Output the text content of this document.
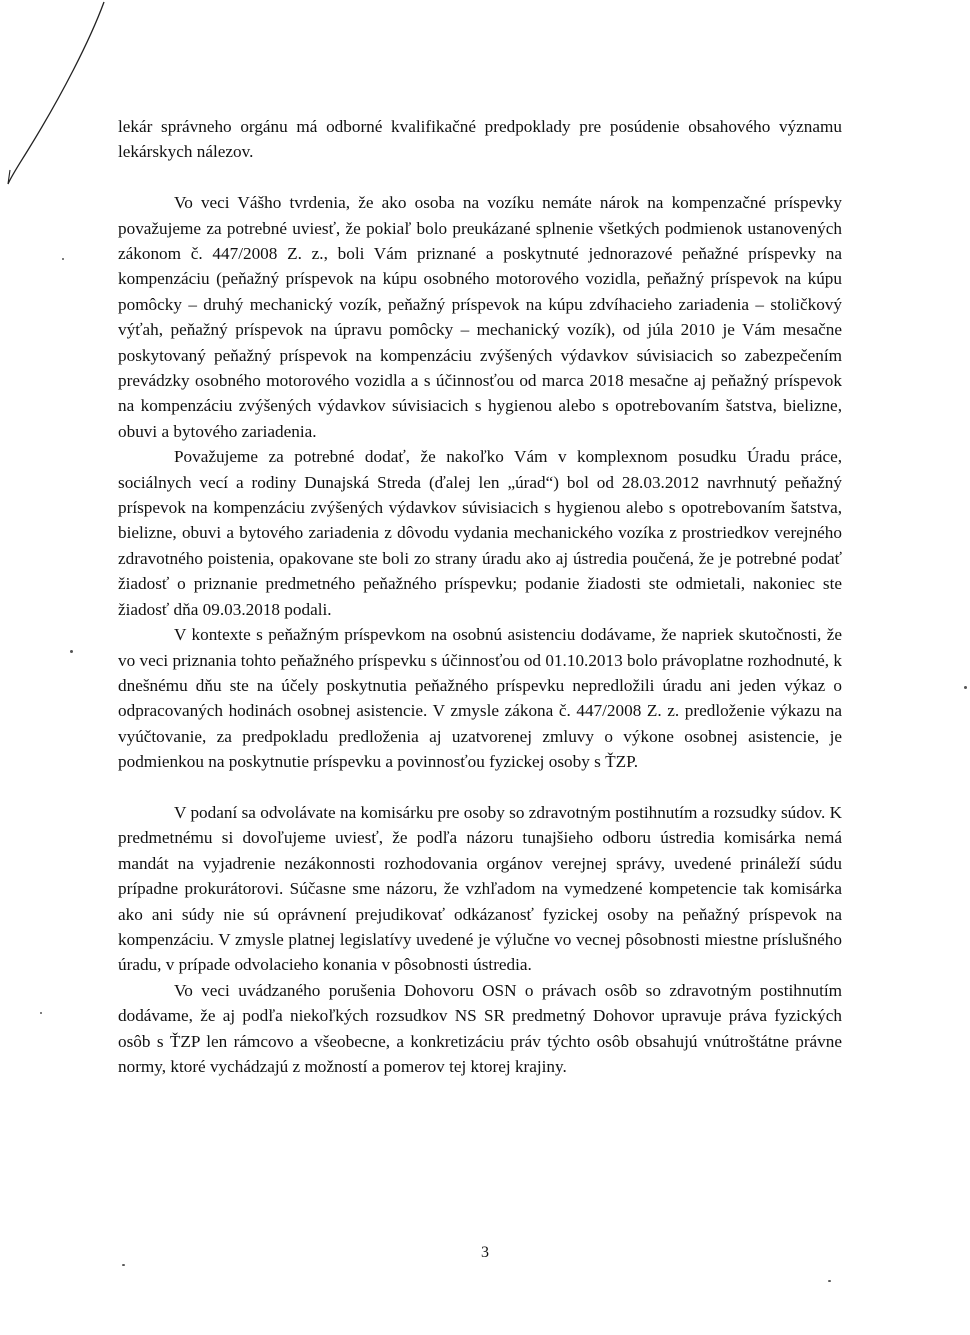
lekár správneho orgánu má odborné kvalifikačné predpoklady pre posúdenie obsahového významu lekárskych nálezov.

Vo veci Vášho tvrdenia, že ako osoba na vozíku nemáte nárok na kompenzačné príspevky považujeme za potrebné uviesť, že pokiaľ bolo preukázané splnenie všetkých podmienok ustanovených zákonom č. 447/2008 Z. z., boli Vám priznané a poskytnuté jednorazové peňažné príspevky na kompenzáciu (peňažný príspevok na kúpu osobného motorového vozidla, peňažný príspevok na kúpu pomôcky – druhý mechanický vozík, peňažný príspevok na kúpu zdvíhacieho zariadenia – stoličkový výťah, peňažný príspevok na úpravu pomôcky – mechanický vozík), od júla 2010 je Vám mesačne poskytovaný peňažný príspevok na kompenzáciu zvýšených výdavkov súvisiacich so zabezpečením prevádzky osobného motorového vozidla a s účinnosťou od marca 2018 mesačne aj peňažný príspevok na kompenzáciu zvýšených výdavkov súvisiacich s hygienou alebo s opotrebovaním šatstva, bielizne, obuvi a bytového zariadenia.

Považujeme za potrebné dodať, že nakoľko Vám v komplexnom posudku Úradu práce, sociálnych vecí a rodiny Dunajská Streda (ďalej len „úrad“) bol od 28.03.2012 navrhnutý peňažný príspevok na kompenzáciu zvýšených výdavkov súvisiacich s hygienou alebo s opotrebovaním šatstva, bielizne, obuvi a bytového zariadenia z dôvodu vydania mechanického vozíka z prostriedkov verejného zdravotného poistenia, opakovane ste boli zo strany úradu ako aj ústredia poučená, že je potrebné podať žiadosť o priznanie predmetného peňažného príspevku; podanie žiadosti ste odmietali, nakoniec ste žiadosť dňa 09.03.2018 podali.

V kontexte s peňažným príspevkom na osobnú asistenciu dodávame, že napriek skutočnosti, že vo veci priznania tohto peňažného príspevku s účinnosťou od 01.10.2013 bolo právoplatne rozhodnuté, k dnešnému dňu ste na účely poskytnutia peňažného príspevku nepredložili úradu ani jeden výkaz o odpracovaných hodinách osobnej asistencie. V zmysle zákona č. 447/2008 Z. z. predloženie výkazu na vyúčtovanie, za predpokladu predloženia aj uzatvorenej zmluvy o výkone osobnej asistencie, je podmienkou na poskytnutie príspevku a povinnosťou fyzickej osoby s ŤZP.

V podaní sa odvolávate na komisárku pre osoby so zdravotným postihnutím a rozsudky súdov. K predmetnému si dovoľujeme uviesť, že podľa názoru tunajšieho odboru ústredia komisárka nemá mandát na vyjadrenie nezákonnosti rozhodovania orgánov verejnej správy, uvedené prináleží súdu prípadne prokurátorovi. Súčasne sme názoru, že vzhľadom na vymedzené kompetencie tak komisárka ako ani súdy nie sú oprávnení prejudikovať odkázanosť fyzickej osoby na peňažný príspevok na kompenzáciu. V zmysle platnej legislatívy uvedené je výlučne vo vecnej pôsobnosti miestne príslušného úradu, v prípade odvolacieho konania v pôsobnosti ústredia.

Vo veci uvádzaného porušenia Dohovoru OSN o právach osôb so zdravotným postihnutím dodávame, že aj podľa niekoľkých rozsudkov NS SR predmetný Dohovor upravuje práva fyzických osôb s ŤZP len rámcovo a všeobecne, a konkretizáciu práv týchto osôb obsahujú vnútroštátne právne normy, ktoré vychádzajú z možností a pomerov tej ktorej krajiny.

3
